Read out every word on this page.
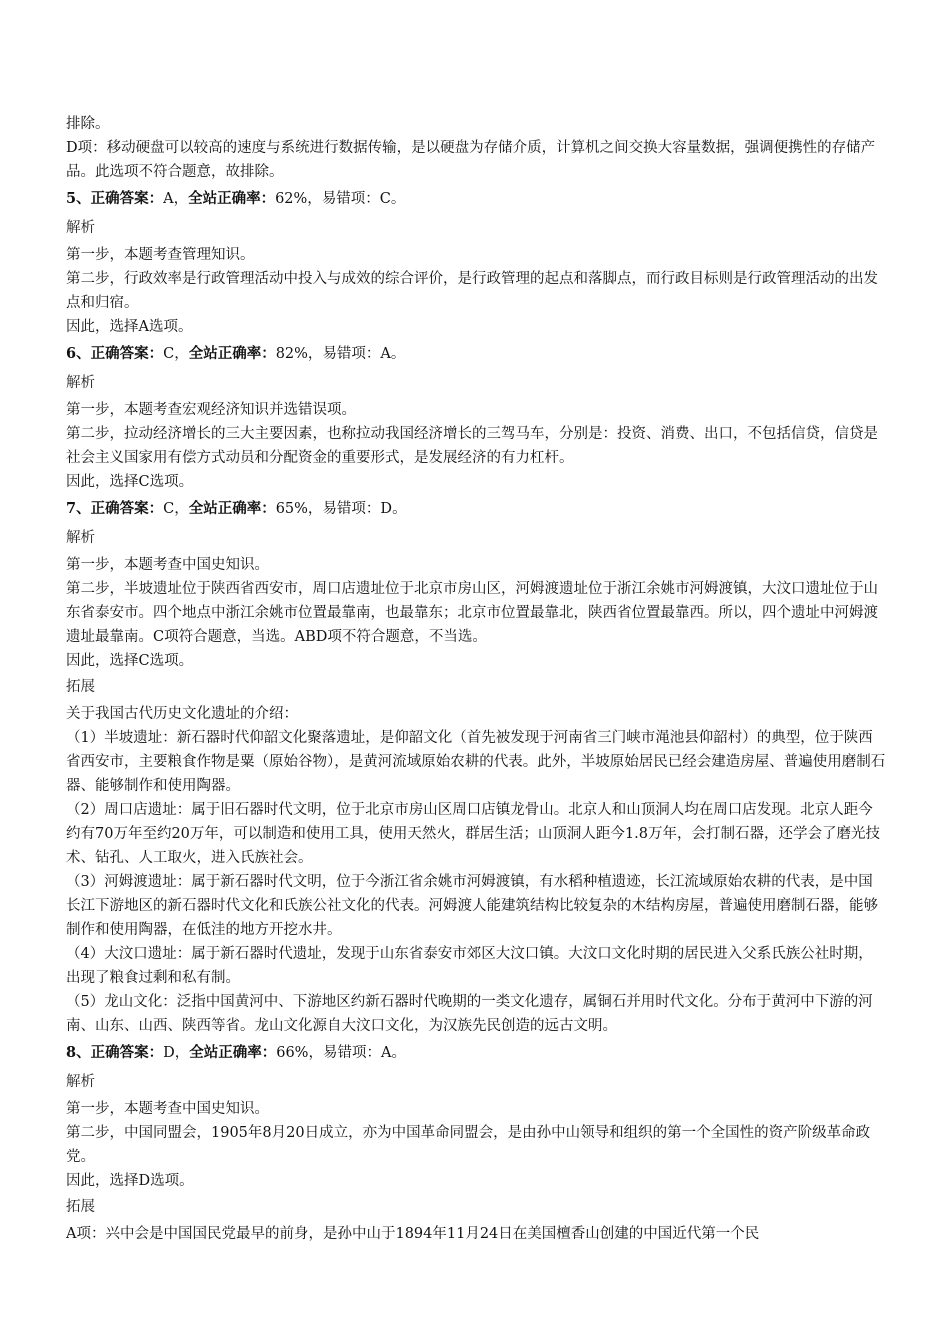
排除。
D项：移动硬盘可以较高的速度与系统进行数据传输，是以硬盘为存储介质，计算机之间交换大容量数据，强调便携性的存储产品。此选项不符合题意，故排除。
5、正确答案：A，全站正确率：62%，易错项：C。
解析
第一步，本题考查管理知识。
第二步，行政效率是行政管理活动中投入与成效的综合评价，是行政管理的起点和落脚点，而行政目标则是行政管理活动的出发点和归宿。
因此，选择A选项。
6、正确答案：C，全站正确率：82%，易错项：A。
解析
第一步，本题考查宏观经济知识并选错误项。
第二步，拉动经济增长的三大主要因素，也称拉动我国经济增长的三驾马车，分别是：投资、消费、出口，不包括信贷，信贷是社会主义国家用有偿方式动员和分配资金的重要形式，是发展经济的有力杠杆。
因此，选择C选项。
7、正确答案：C，全站正确率：65%，易错项：D。
解析
第一步，本题考查中国史知识。
第二步，半坡遗址位于陕西省西安市，周口店遗址位于北京市房山区，河姆渡遗址位于浙江余姚市河姆渡镇，大汶口遗址位于山东省泰安市。四个地点中浙江余姚市位置最靠南，也最靠东；北京市位置最靠北，陕西省位置最靠西。所以，四个遗址中河姆渡遗址最靠南。C项符合题意，当选。ABD项不符合题意，不当选。
因此，选择C选项。
拓展
关于我国古代历史文化遗址的介绍：
（1）半坡遗址：新石器时代仰韶文化聚落遗址，是仰韶文化（首先被发现于河南省三门峡市渑池县仰韶村）的典型，位于陕西省西安市，主要粮食作物是粟（原始谷物），是黄河流域原始农耕的代表。此外，半坡原始居民已经会建造房屋、普遍使用磨制石器、能够制作和使用陶器。
（2）周口店遗址：属于旧石器时代文明，位于北京市房山区周口店镇龙骨山。北京人和山顶洞人均在周口店发现。北京人距今约有70万年至约20万年，可以制造和使用工具，使用天然火，群居生活；山顶洞人距今1.8万年，会打制石器，还学会了磨光技术、钻孔、人工取火，进入氏族社会。
（3）河姆渡遗址：属于新石器时代文明，位于今浙江省余姚市河姆渡镇，有水稻种植遗迹，长江流域原始农耕的代表，是中国长江下游地区的新石器时代文化和氏族公社文化的代表。河姆渡人能建筑结构比较复杂的木结构房屋，普遍使用磨制石器，能够制作和使用陶器，在低洼的地方开挖水井。
（4）大汶口遗址：属于新石器时代遗址，发现于山东省泰安市郊区大汶口镇。大汶口文化时期的居民进入父系氏族公社时期，出现了粮食过剩和私有制。
（5）龙山文化：泛指中国黄河中、下游地区约新石器时代晚期的一类文化遗存，属铜石并用时代文化。分布于黄河中下游的河南、山东、山西、陕西等省。龙山文化源自大汶口文化，为汉族先民创造的远古文明。
8、正确答案：D，全站正确率：66%，易错项：A。
解析
第一步，本题考查中国史知识。
第二步，中国同盟会，1905年8月20日成立，亦为中国革命同盟会，是由孙中山领导和组织的第一个全国性的资产阶级革命政党。
因此，选择D选项。
拓展
A项：兴中会是中国国民党最早的前身，是孙中山于1894年11月24日在美国檀香山创建的中国近代第一个民
